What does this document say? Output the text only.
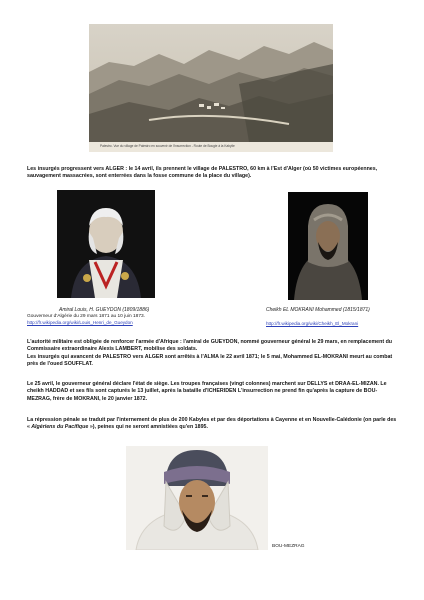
Palestro. Vue du village de Palestro en souvenir de l'insurrection - Route de Bougie à la Kabylie

Les insurgés progressent vers ALGER : le 14 avril, ils prennent le village de PALESTRO, 60 km à l'Est d'Alger (où 50 victimes européennes, sauvagement massacrées, sont enterrées dans la fosse commune de la place du village).

Amiral Louis, H. GUEYDON (1809/1886)
Gouverneur d'Algérie du 29 mars 1871 au 10 juin 1873.
http://fr.wikipedia.org/wiki/Louis_Henri_de_Gueydon
Cheikh EL MOKRANI Mohammed (1815/1871)
http://fr.wikipedia.org/wiki/Cheikh_El_Mokrani
L'autorité militaire est obligée de renforcer l'armée d'Afrique : l'amiral de GUEYDON, nommé gouverneur général le 29 mars, en remplacement du Commissaire extraordinaire Alexis LAMBERT, mobilise des soldats.
Les insurgés qui avancent de PALESTRO vers ALGER sont arrêtés à l'ALMA le 22 avril 1871; le 5 mai, Mohammed EL-MOKRANI meurt au combat près de l'oued SOUFFLAT.

Le 25 avril, le gouverneur général déclare l'état de siège. Les troupes françaises (vingt colonnes) marchent sur DELLYS et DRAA-EL-MIZAN. Le cheikh HADDAD et ses fils sont capturés le 13 juillet, après la bataille d'ICHERIDEN L'insurrection ne prend fin qu'après la capture de BOU-MEZRAG, frère de MOKRANI, le 20 janvier 1872.

La répression pénale se traduit par l'internement de plus de 200 Kabyles et par des déportations à Cayenne et en Nouvelle-Calédonie (on parle des « Algériens du Pacifique »), peines qui ne seront amnistiées qu'en 1895.

BOU-MEZRAG
